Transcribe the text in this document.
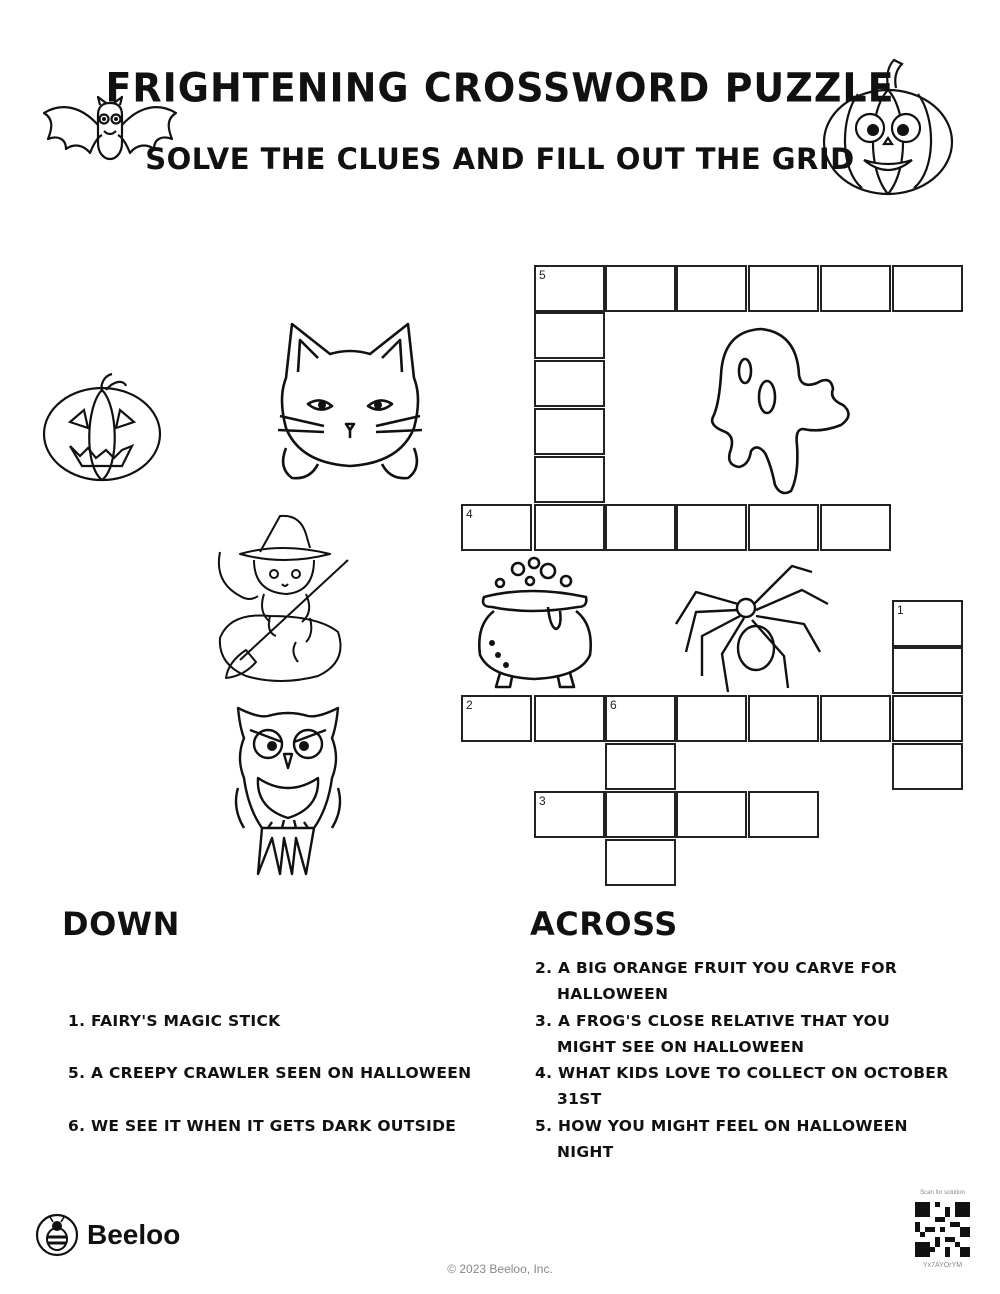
FRIGHTENING CROSSWORD PUZZLE
SOLVE THE CLUES AND FILL OUT THE GRID
5
4
1
2	6
3
DOWN	ACROSS
1. FAIRY'S MAGIC STICK
5. A CREEPY CRAWLER SEEN ON HALLOWEEN
6. WE SEE IT WHEN IT GETS DARK OUTSIDE
2. A BIG ORANGE FRUIT YOU CARVE FOR
HALLOWEEN
3. A FROG'S CLOSE RELATIVE THAT YOU
MIGHT SEE ON HALLOWEEN
4. WHAT KIDS LOVE TO COLLECT ON OCTOBER
31ST
5. HOW YOU MIGHT FEEL ON HALLOWEEN
NIGHT
Beeloo
© 2023 Beeloo, Inc.
Scan for solution
Yx7AYOrYM
